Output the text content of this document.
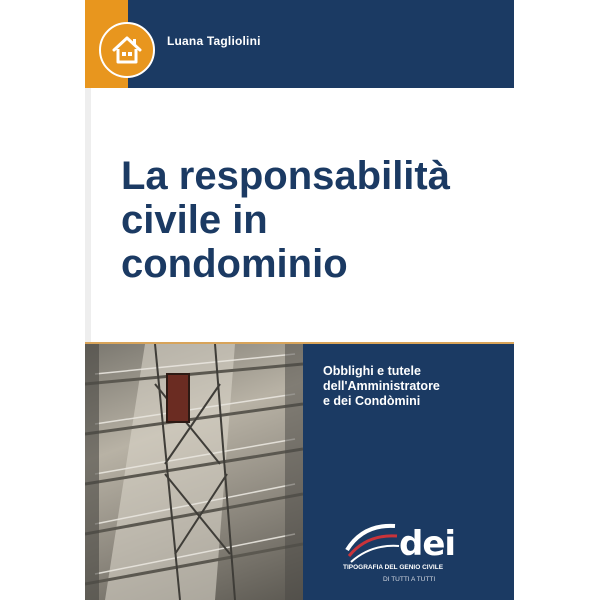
Luana Tagliolini
La responsabilità
civile in
condominio
Obblighi e tutele
dell'Amministratore
e dei Condòmini
dei
TIPOGRAFIA DEL GENIO CIVILE
DI TUTTI A TUTTI
